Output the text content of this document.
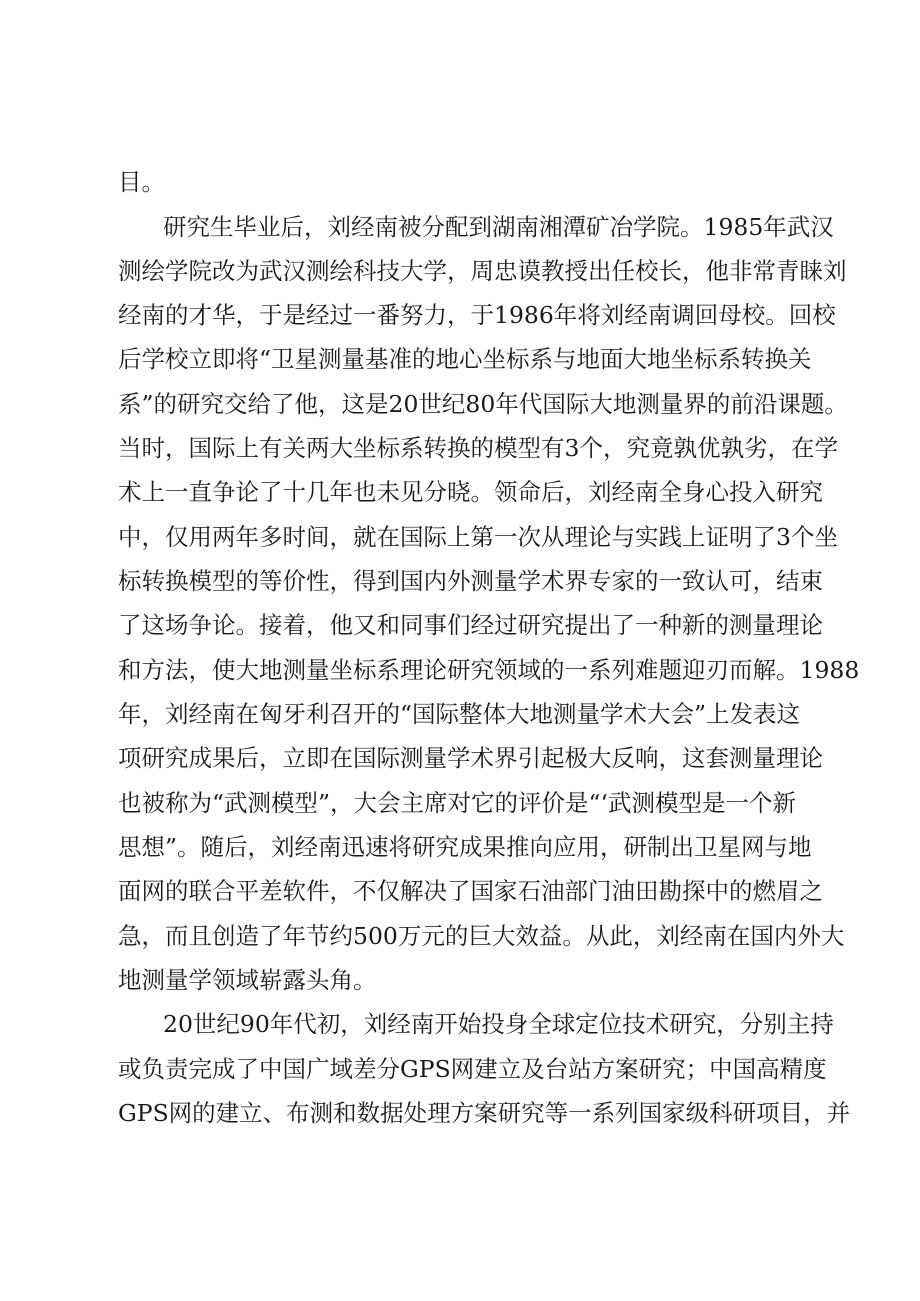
目。
研究生毕业后，刘经南被分配到湖南湘潭矿冶学院。1985年武汉
测绘学院改为武汉测绘科技大学，周忠谟教授出任校长，他非常青睐刘
经南的才华，于是经过一番努力，于1986年将刘经南调回母校。回校
后学校立即将“卫星测量基准的地心坐标系与地面大地坐标系转换关
系”的研究交给了他，这是20世纪80年代国际大地测量界的前沿课题。
当时，国际上有关两大坐标系转换的模型有3个，究竟孰优孰劣，在学
术上一直争论了十几年也未见分晓。领命后，刘经南全身心投入研究
中，仅用两年多时间，就在国际上第一次从理论与实践上证明了3个坐
标转换模型的等价性，得到国内外测量学术界专家的一致认可，结束
了这场争论。接着，他又和同事们经过研究提出了一种新的测量理论
和方法，使大地测量坐标系理论研究领域的一系列难题迎刃而解。1988
年，刘经南在匈牙利召开的“国际整体大地测量学术大会”上发表这
项研究成果后，立即在国际测量学术界引起极大反响，这套测量理论
也被称为“武测模型”，大会主席对它的评价是“‘武测模型是一个新
思想”。随后，刘经南迅速将研究成果推向应用，研制出卫星网与地
面网的联合平差软件，不仅解决了国家石油部门油田勘探中的燃眉之
急，而且创造了年节约500万元的巨大效益。从此，刘经南在国内外大
地测量学领域崭露头角。
20世纪90年代初，刘经南开始投身全球定位技术研究，分别主持
或负责完成了中国广域差分GPS网建立及台站方案研究；中国高精度
GPS网的建立、布测和数据处理方案研究等一系列国家级科研项目，并
